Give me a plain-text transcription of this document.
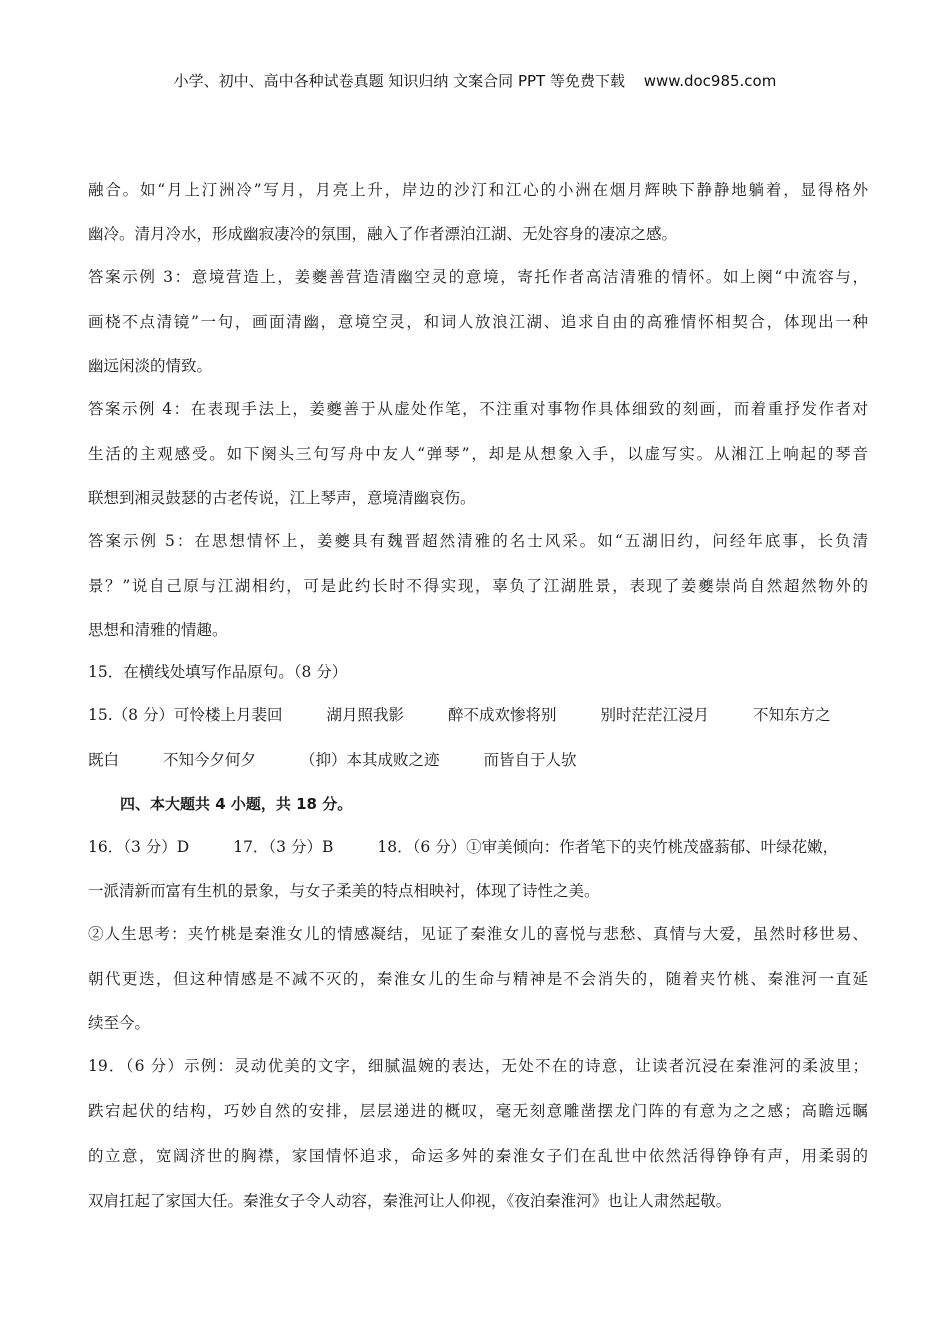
小学、初中、高中各种试卷真题 知识归纳 文案合同 PPT 等免费下载 www.doc985.com
融合。如“月上汀洲冷”写月，月亮上升，岸边的沙汀和江心的小洲在烟月辉映下静静地躺着，显得格外
幽冷。清月冷水，形成幽寂凄冷的氛围，融入了作者漂泊江湖、无处容身的凄凉之感。
答案示例 3：意境营造上，姜夔善营造清幽空灵的意境，寄托作者高洁清雅的情怀。如上阕“中流容与，
画桡不点清镜”一句，画面清幽，意境空灵，和词人放浪江湖、追求自由的高雅情怀相契合，体现出一种
幽远闲淡的情致。
答案示例 4：在表现手法上，姜夔善于从虚处作笔，不注重对事物作具体细致的刻画，而着重抒发作者对
生活的主观感受。如下阕头三句写舟中友人“弹琴”，却是从想象入手，以虚写实。从湘江上响起的琴音
联想到湘灵鼓瑟的古老传说，江上琴声，意境清幽哀伤。
答案示例 5：在思想情怀上，姜夔具有魏晋超然清雅的名士风采。如“五湖旧约，问经年底事，长负清
景？”说自己原与江湖相约，可是此约长时不得实现，辜负了江湖胜景，表现了姜夔崇尚自然超然物外的
思想和清雅的情趣。
15．在横线处填写作品原句。（8 分）
15.（8 分）可怜楼上月裴回	湖月照我影	醉不成欢惨将别	别时茫茫江浸月	不知东方之
既白	不知今夕何夕	（抑）本其成败之迹	而皆自于人欤
四、本大题共 4 小题，共 18 分。
16．（3 分）D	17．（3 分）B	18．（6 分）①审美倾向：作者笔下的夹竹桃茂盛蓊郁、叶绿花嫩，
一派清新而富有生机的景象，与女子柔美的特点相映衬，体现了诗性之美。
②人生思考：夹竹桃是秦淮女儿的情感凝结，见证了秦淮女儿的喜悦与悲愁、真情与大爱，虽然时移世易、
朝代更迭，但这种情感是不减不灭的，秦淮女儿的生命与精神是不会消失的，随着夹竹桃、秦淮河一直延
续至今。
19．（6 分）示例：灵动优美的文字，细腻温婉的表达，无处不在的诗意，让读者沉浸在秦淮河的柔波里；
跌宕起伏的结构，巧妙自然的安排，层层递进的概叹，毫无刻意雕凿摆龙门阵的有意为之之感；高瞻远瞩
的立意，宽阔济世的胸襟，家国情怀追求，命运多舛的秦淮女子们在乱世中依然活得铮铮有声，用柔弱的
双肩扛起了家国大任。秦淮女子令人动容，秦淮河让人仰视，《夜泊秦淮河》也让人肃然起敬。
